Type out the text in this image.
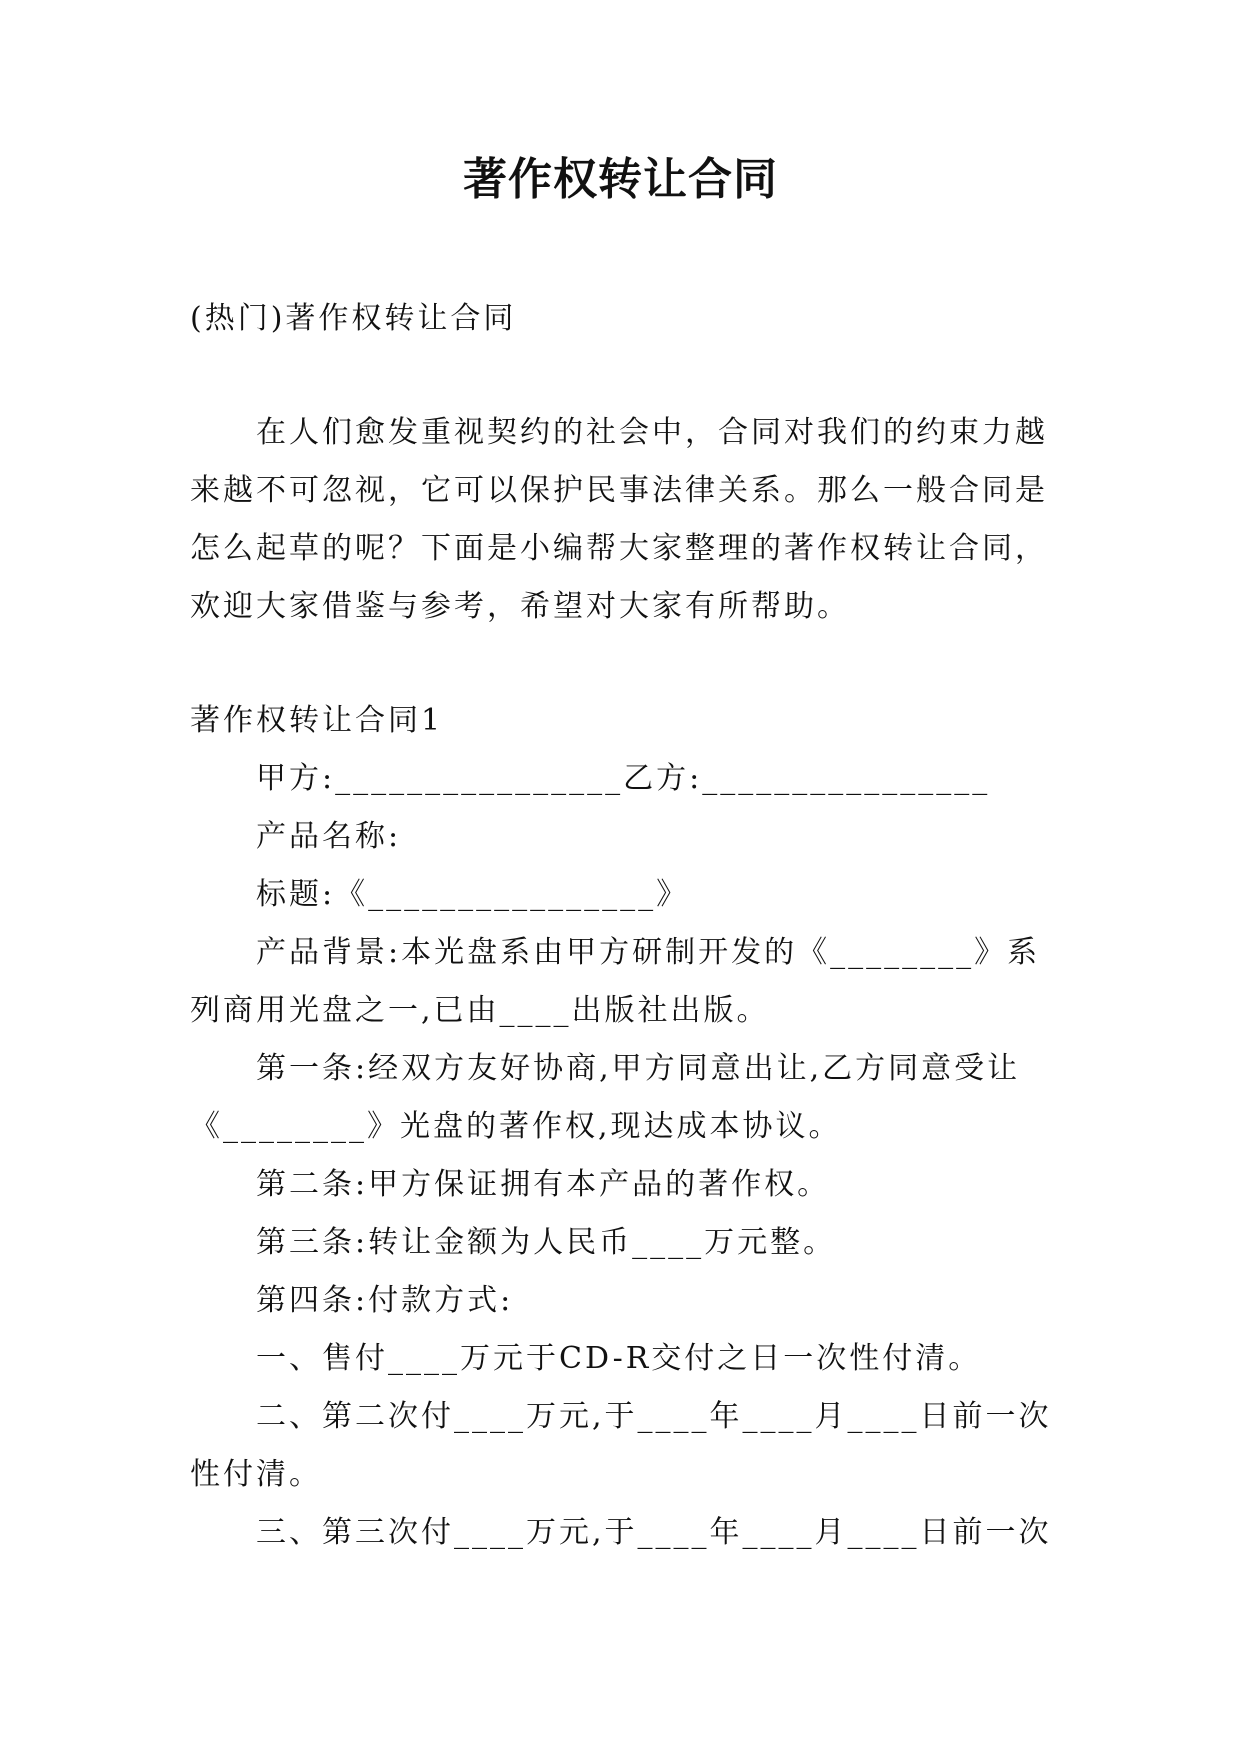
著作权转让合同

(热门)著作权转让合同

在人们愈发重视契约的社会中，合同对我们的约束力越来越不可忽视，它可以保护民事法律关系。那么一般合同是怎么起草的呢？下面是小编帮大家整理的著作权转让合同，欢迎大家借鉴与参考，希望对大家有所帮助。

著作权转让合同1

甲方:________________乙方:________________

产品名称:

标题:《________________》

产品背景:本光盘系由甲方研制开发的《________》系列商用光盘之一,已由____出版社出版。

第一条:经双方友好协商,甲方同意出让,乙方同意受让《________》光盘的著作权,现达成本协议。

第二条:甲方保证拥有本产品的著作权。

第三条:转让金额为人民币____万元整。

第四条:付款方式:

一、售付____万元于CD-R交付之日一次性付清。

二、第二次付____万元,于____年____月____日前一次性付清。

三、第三次付____万元,于____年____月____日前一次
